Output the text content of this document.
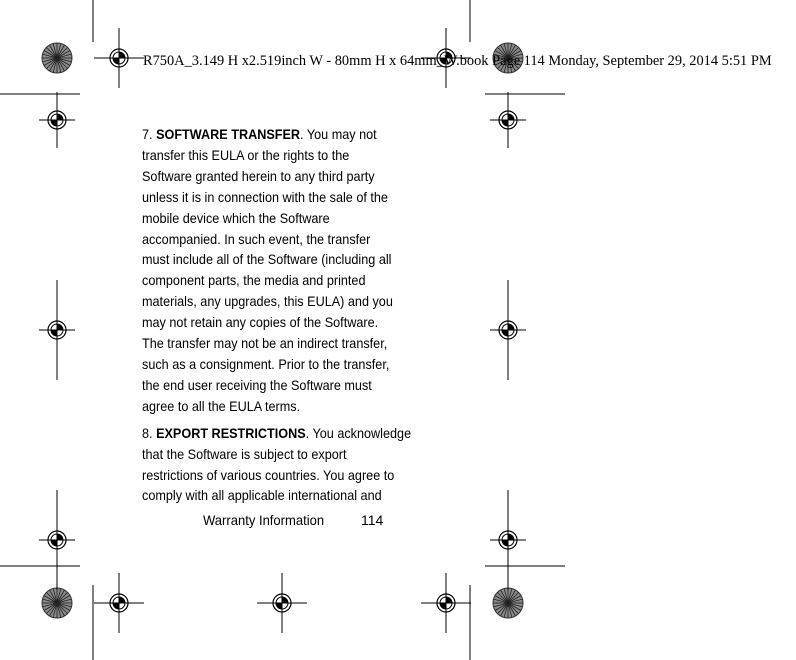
R750A_3.149 H x2.519inch W - 80mm H x 64mm_W.book Page 114 Monday, September 29, 2014 5:51 PM
7. SOFTWARE TRANSFER. You may not
transfer this EULA or the rights to the
Software granted herein to any third party
unless it is in connection with the sale of the
mobile device which the Software
accompanied. In such event, the transfer
must include all of the Software (including all
component parts, the media and printed
materials, any upgrades, this EULA) and you
may not retain any copies of the Software.
The transfer may not be an indirect transfer,
such as a consignment. Prior to the transfer,
the end user receiving the Software must
agree to all the EULA terms.
8. EXPORT RESTRICTIONS. You acknowledge
that the Software is subject to export
restrictions of various countries. You agree to
comply with all applicable international and
Warranty Information	114
